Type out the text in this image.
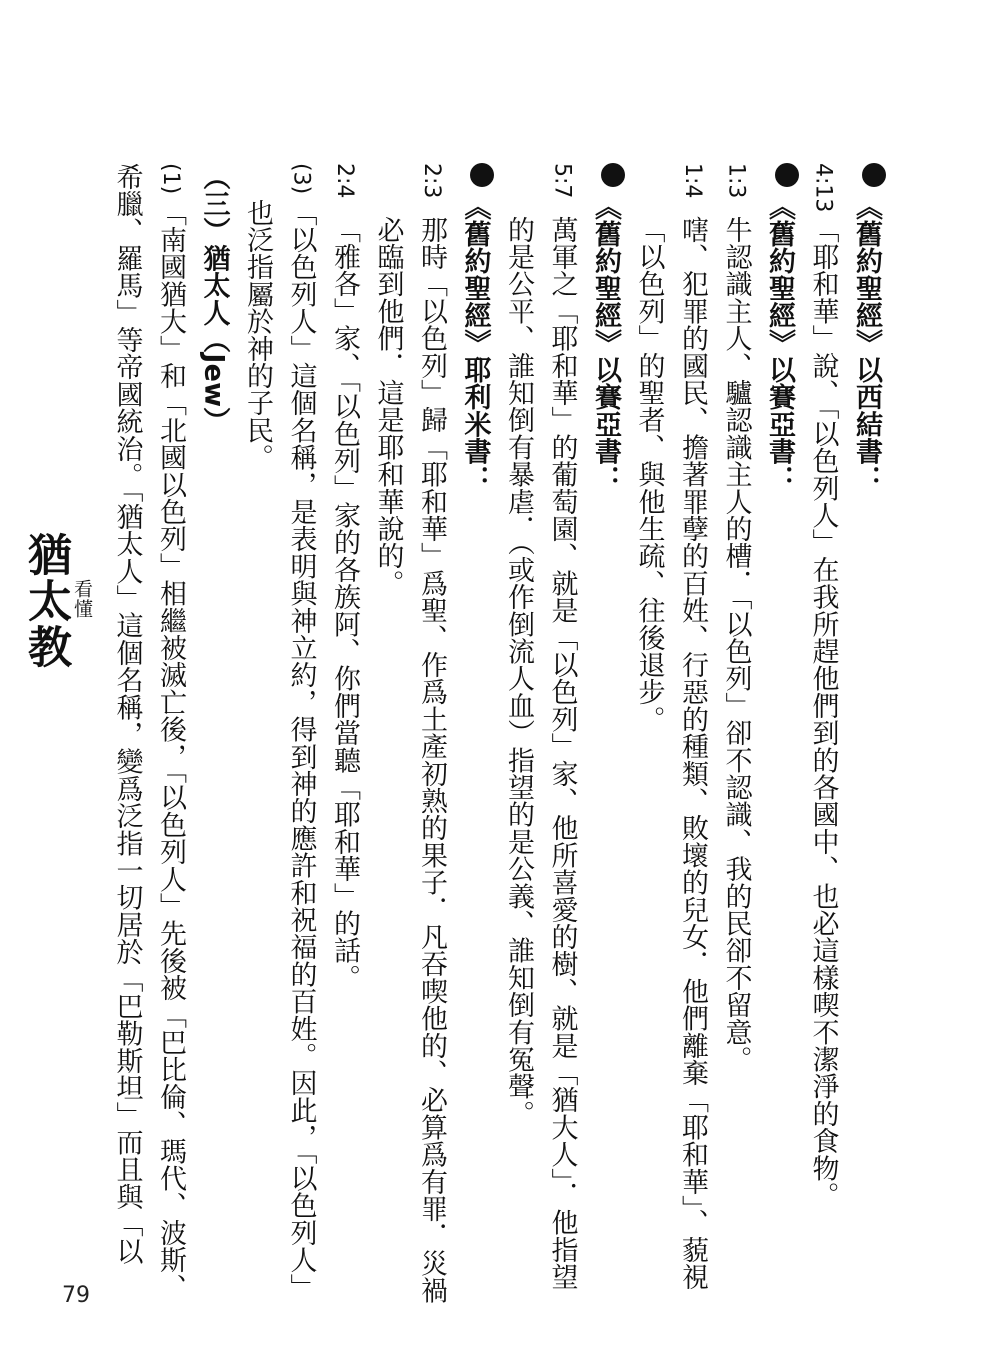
《舊約聖經》以西結書：
4:13「耶和華」說、「以色列人」在我所趕他們到的各國中、也必這樣喫不潔淨的食物。
《舊約聖經》以賽亞書：
1:3牛認識主人、驢認識主人的槽．「以色列」卻不認識、我的民卻不留意。
1:4嗐、犯罪的國民、擔著罪孽的百姓、行惡的種類、敗壞的兒女．他們離棄「耶和華」、藐視
「以色列」的聖者、與他生疏、往後退步。
《舊約聖經》以賽亞書：
5:7萬軍之「耶和華」的葡萄園、就是「以色列」家、他所喜愛的樹、就是「猶大人」．他指望
的是公平、誰知倒有暴虐．（或作倒流人血）指望的是公義、誰知倒有冤聲。
《舊約聖經》耶利米書：
2:3那時「以色列」歸「耶和華」爲聖、作爲土產初熟的果子．凡吞喫他的、必算爲有罪．災禍
必臨到他們．這是耶和華說的。
2:4「雅各」家、「以色列」家的各族阿、你們當聽「耶和華」的話。
(3)「以色列人」這個名稱，是表明與神立約，得到神的應許和祝福的百姓。因此，「以色列人」
也泛指屬於神的子民。
（三）猶太人（Jew）
(1)「南國猶大」和「北國以色列」相繼被滅亡後，「以色列人」先後被「巴比倫、瑪代、波斯、
希臘、羅馬」等帝國統治。「猶太人」這個名稱，變爲泛指一切居於「巴勒斯坦」而且與「以
看懂
猶太教
79
